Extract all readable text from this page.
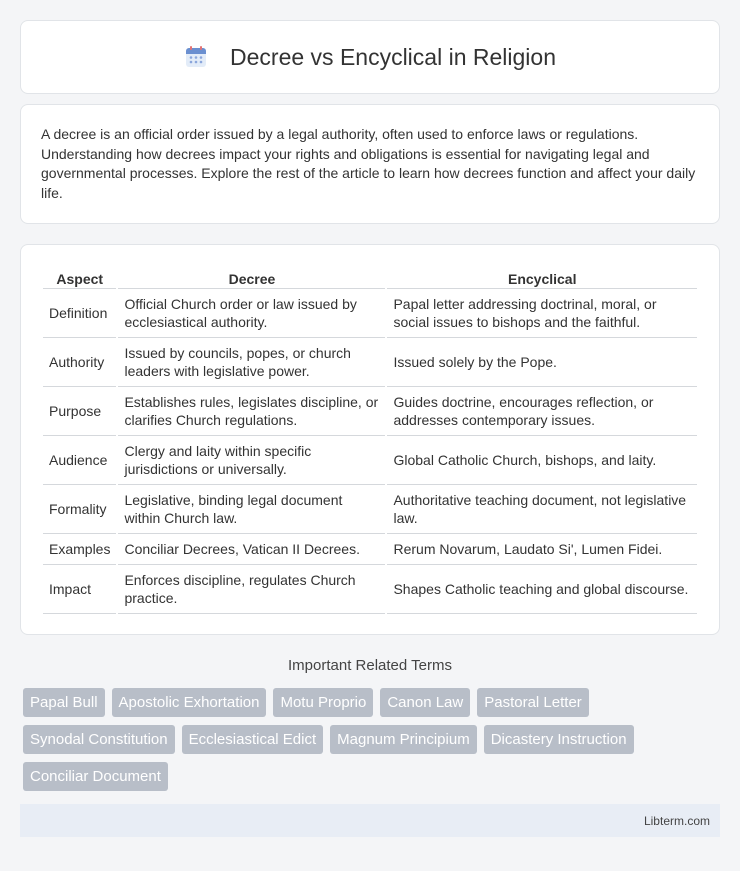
Decree vs Encyclical in Religion

A decree is an official order issued by a legal authority, often used to enforce laws or regulations. Understanding how decrees impact your rights and obligations is essential for navigating legal and governmental processes. Explore the rest of the article to learn how decrees function and affect your daily life.

Aspect	Decree	Encyclical
Definition	Official Church order or law issued by ecclesiastical authority.	Papal letter addressing doctrinal, moral, or social issues to bishops and the faithful.
Authority	Issued by councils, popes, or church leaders with legislative power.	Issued solely by the Pope.
Purpose	Establishes rules, legislates discipline, or clarifies Church regulations.	Guides doctrine, encourages reflection, or addresses contemporary issues.
Audience	Clergy and laity within specific jurisdictions or universally.	Global Catholic Church, bishops, and laity.
Formality	Legislative, binding legal document within Church law.	Authoritative teaching document, not legislative law.
Examples	Conciliar Decrees, Vatican II Decrees.	Rerum Novarum, Laudato Si', Lumen Fidei.
Impact	Enforces discipline, regulates Church practice.	Shapes Catholic teaching and global discourse.
Important Related Terms
Papal Bull	Apostolic Exhortation	Motu Proprio	Canon Law	Pastoral Letter
Synodal Constitution	Ecclesiastical Edict	Magnum Principium	Dicastery Instruction
Conciliar Document
Libterm.com
